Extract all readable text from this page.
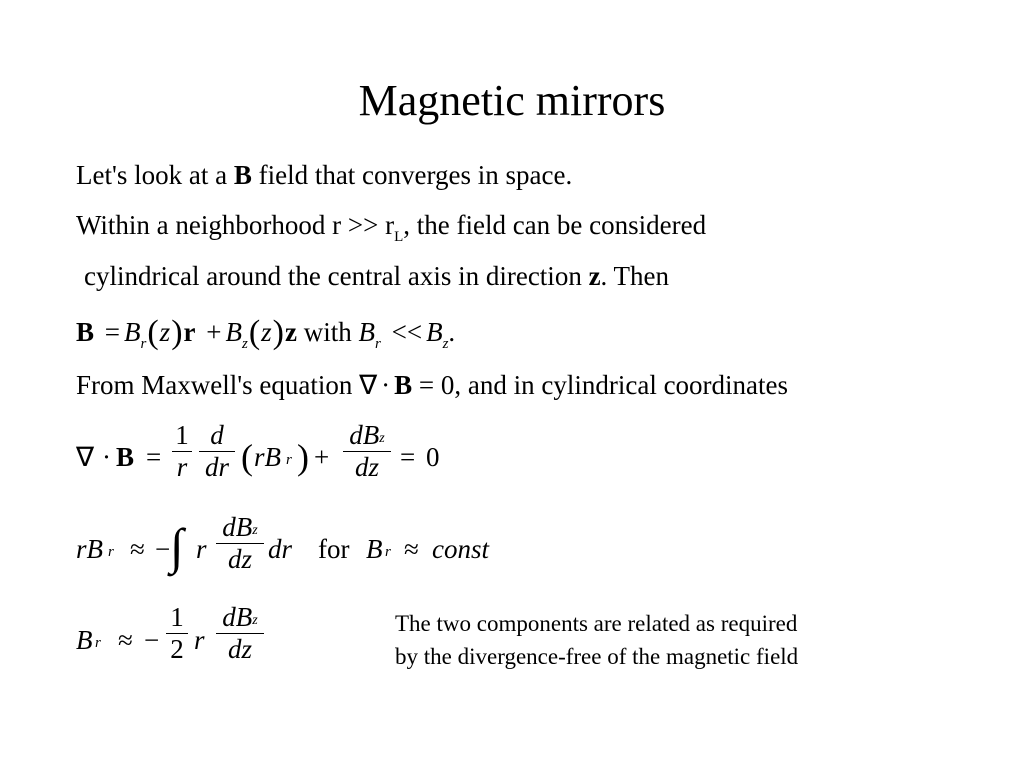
Magnetic mirrors
Let's look at a B field that converges in space.
Within a neighborhood $r >> r_L$, the field can be considered
cylindrical around the central axis in direction z. Then
$B = B_r(z)r + B_z(z)z$ with $B_r << B_z$.
From Maxwell's equation ∇ · B = 0, and in cylindrical coordinates
∇ · B =
1
r
d
dr ( rB r ) +
dBz
dz = 0
rB r ≈ − ∫ r
dBz
dz dr for B r ≈ const
B r ≈ −
1
2 r
dBz
dz
The two components are related as required
by the divergence-free of the magnetic field
